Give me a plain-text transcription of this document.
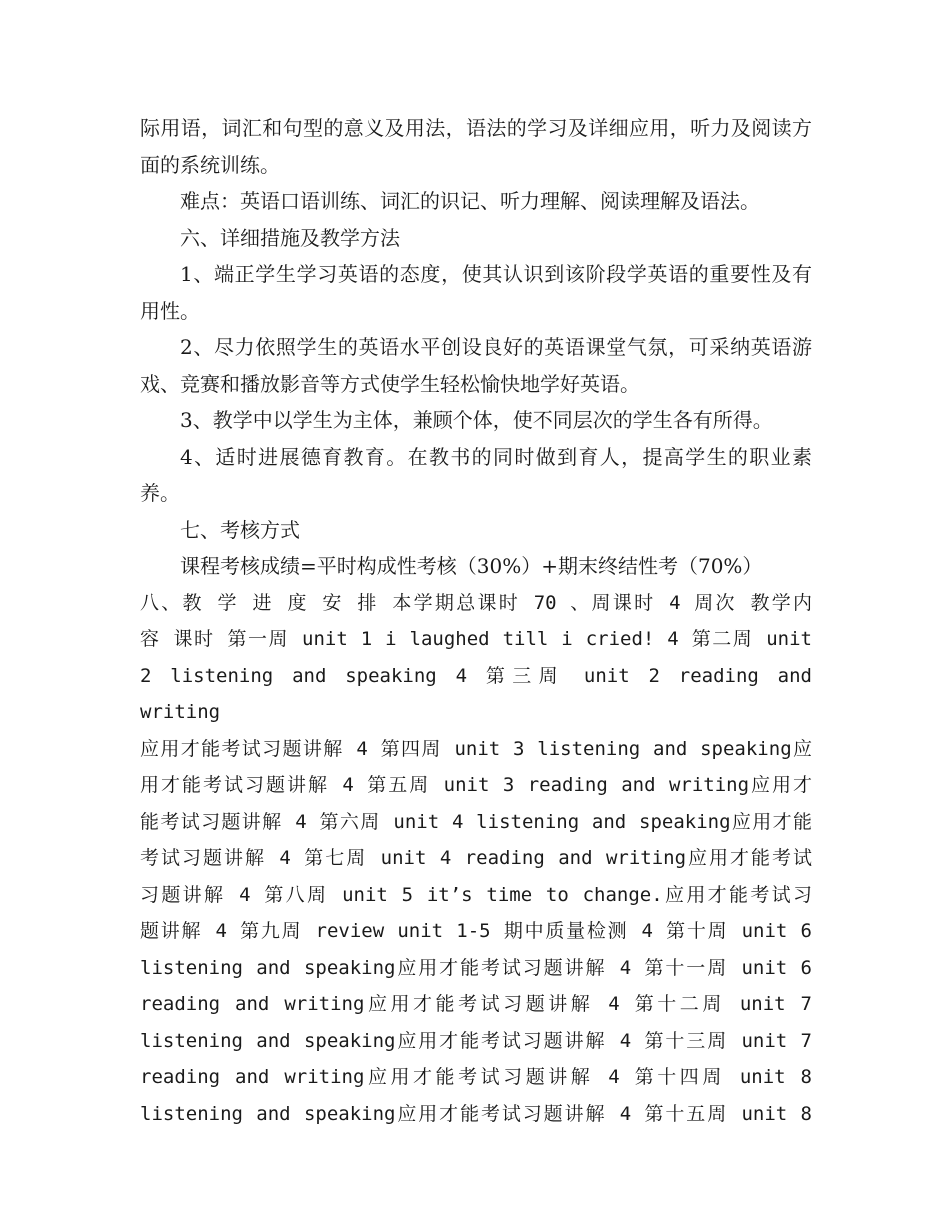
际用语，词汇和句型的意义及用法，语法的学习及详细应用，听力及阅读方面的系统训练。

难点：英语口语训练、词汇的识记、听力理解、阅读理解及语法。

六、详细措施及教学方法

1、端正学生学习英语的态度，使其认识到该阶段学英语的重要性及有用性。

2、尽力依照学生的英语水平创设良好的英语课堂气氛，可采纳英语游戏、竞赛和播放影音等方式使学生轻松愉快地学好英语。

3、教学中以学生为主体，兼顾个体，使不同层次的学生各有所得。

4、适时进展德育教育。在教书的同时做到育人，提高学生的职业素养。

七、考核方式

课程考核成绩=平时构成性考核（30%）+期末终结性考（70%）

八、教 学 进 度 安 排 本学期总课时 70 、周课时 4 周次 教学内

容 课时 第一周 unit 1 i laughed till i cried! 4 第二周 unit

2 listening and speaking 4 第三周 unit 2 reading and writing

应用才能考试习题讲解 4 第四周 unit 3 listening and speaking应

用才能考试习题讲解 4 第五周 unit 3 reading and writing应用才

能考试习题讲解 4 第六周 unit 4 listening and speaking应用才能

考试习题讲解 4 第七周 unit 4 reading and writing应用才能考试

习题讲解 4 第八周 unit 5 it’s time to change.应用才能考试习

题讲解 4 第九周 review unit 1-5 期中质量检测 4 第十周 unit 6

listening and speaking应用才能考试习题讲解 4 第十一周 unit 6

reading and writing应用才能考试习题讲解 4 第十二周 unit 7

listening and speaking应用才能考试习题讲解 4 第十三周 unit 7

reading and writing应用才能考试习题讲解 4 第十四周 unit 8

listening and speaking应用才能考试习题讲解 4 第十五周 unit 8
